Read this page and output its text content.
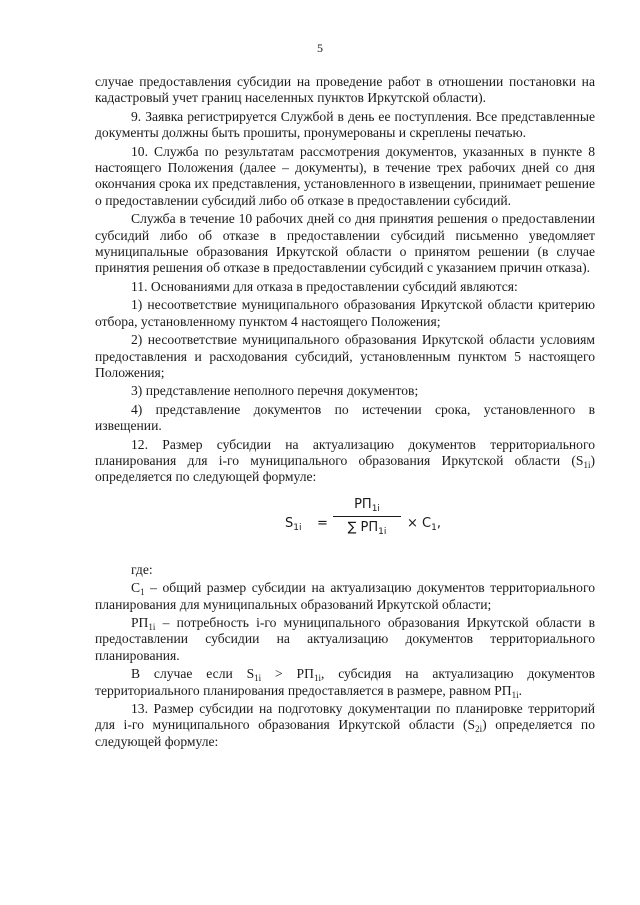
5

случае предоставления субсидии на проведение работ в отношении постановки на кадастровый учет границ населенных пунктов Иркутской области).

9. Заявка регистрируется Службой в день ее поступления. Все представленные документы должны быть прошиты, пронумерованы и скреплены печатью.

10. Служба по результатам рассмотрения документов, указанных в пункте 8 настоящего Положения (далее – документы), в течение трех рабочих дней со дня окончания срока их представления, установленного в извещении, принимает решение о предоставлении субсидий либо об отказе в предоставлении субсидий.

Служба в течение 10 рабочих дней со дня принятия решения о предоставлении субсидий либо об отказе в предоставлении субсидий письменно уведомляет муниципальные образования Иркутской области о принятом решении (в случае принятия решения об отказе в предоставлении субсидий с указанием причин отказа).

11. Основаниями для отказа в предоставлении субсидий являются:

1) несоответствие муниципального образования Иркутской области критерию отбора, установленному пунктом 4 настоящего Положения;

2) несоответствие муниципального образования Иркутской области условиям предоставления и расходования субсидий, установленным пунктом 5 настоящего Положения;

3) представление неполного перечня документов;

4) представление документов по истечении срока, установленного в извещении.

12. Размер субсидии на актуализацию документов территориального планирования для i-го муниципального образования Иркутской области $(S_{1i})$ определяется по следующей формуле:

$S_{1i}$ =
$РП_{1i}$
∑ $РП_{1i}$
× $С_1$,

где:

$С_1$ – общий размер субсидии на актуализацию документов территориального планирования для муниципальных образований Иркутской области;

$РП_{1i}$ – потребность i-го муниципального образования Иркутской области в предоставлении субсидии на актуализацию документов территориального планирования.

В случае если $S_{1i} > РП_{1i}$, субсидия на актуализацию документов территориального планирования предоставляется в размере, равном $РП_{1i}$.

13. Размер субсидии на подготовку документации по планировке территорий для i-го муниципального образования Иркутской области $(S_{2i})$ определяется по следующей формуле:
